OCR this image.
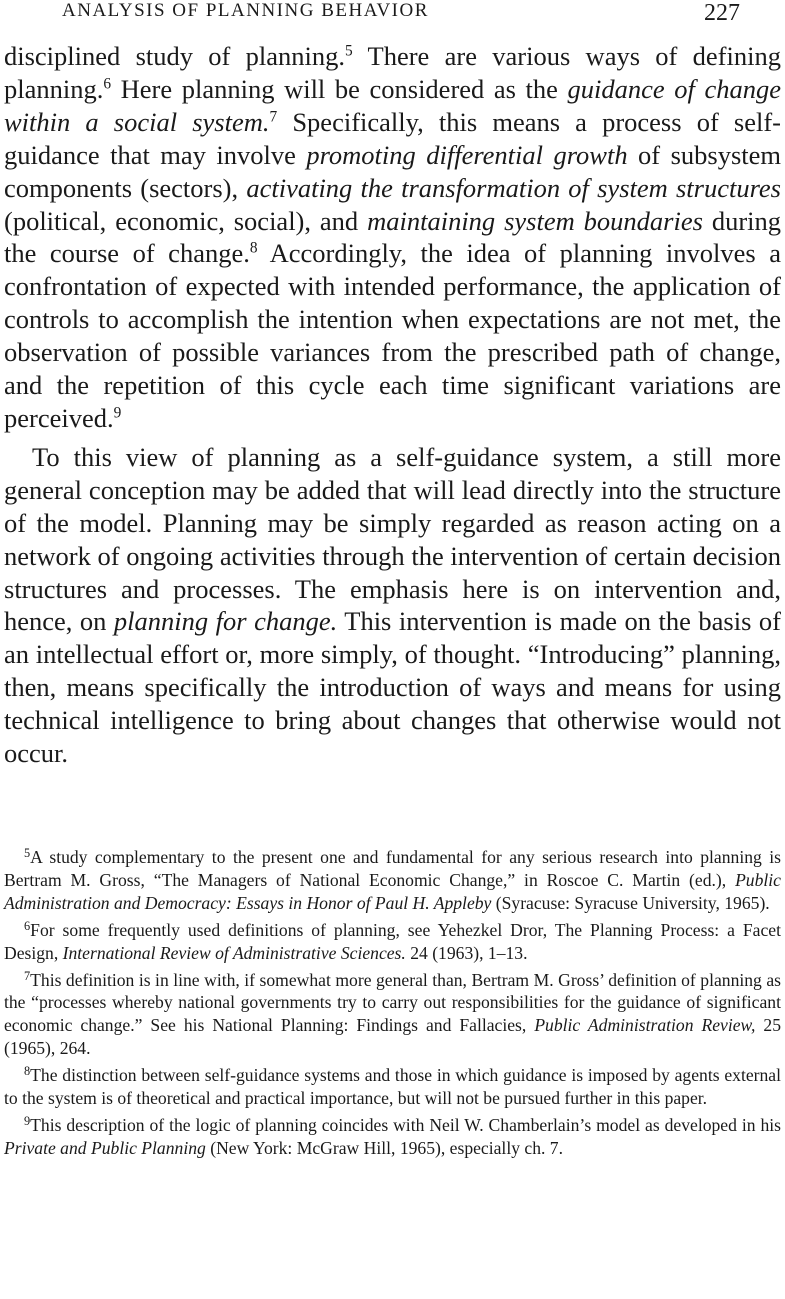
ANALYSIS OF PLANNING BEHAVIOR	227

disciplined study of planning.$^5$ There are various ways of defining planning.$^6$ Here planning will be considered as the guidance of change within a social system.$^7$ Specifically, this means a process of self-guidance that may involve promoting differential growth of subsystem components (sectors), activating the transformation of system structures (political, economic, social), and maintaining system boundaries during the course of change.$^8$ Accordingly, the idea of planning involves a confrontation of expected with intended performance, the application of controls to accomplish the intention when expectations are not met, the observation of possible variances from the prescribed path of change, and the repetition of this cycle each time significant variations are perceived.$^9$

To this view of planning as a self-guidance system, a still more general conception may be added that will lead directly into the structure of the model. Planning may be simply regarded as reason acting on a network of ongoing activities through the intervention of certain decision structures and processes. The emphasis here is on intervention and, hence, on planning for change. This intervention is made on the basis of an intellectual effort or, more simply, of thought. “Introducing” planning, then, means specifically the introduction of ways and means for using technical intelligence to bring about changes that otherwise would not occur.

$^5$A study complementary to the present one and fundamental for any serious research into planning is Bertram M. Gross, “The Managers of National Economic Change,” in Roscoe C. Martin (ed.), Public Administration and Democracy: Essays in Honor of Paul H. Appleby (Syracuse: Syracuse University, 1965).

$^6$For some frequently used definitions of planning, see Yehezkel Dror, The Planning Process: a Facet Design, International Review of Administrative Sciences. 24 (1963), 1–13.

$^7$This definition is in line with, if somewhat more general than, Bertram M. Gross’ definition of planning as the “processes whereby national governments try to carry out responsibilities for the guidance of significant economic change.” See his National Planning: Findings and Fallacies, Public Administration Review, 25 (1965), 264.

$^8$The distinction between self-guidance systems and those in which guidance is imposed by agents external to the system is of theoretical and practical importance, but will not be pursued further in this paper.

$^9$This description of the logic of planning coincides with Neil W. Chamberlain’s model as developed in his Private and Public Planning (New York: McGraw Hill, 1965), especially ch. 7.
